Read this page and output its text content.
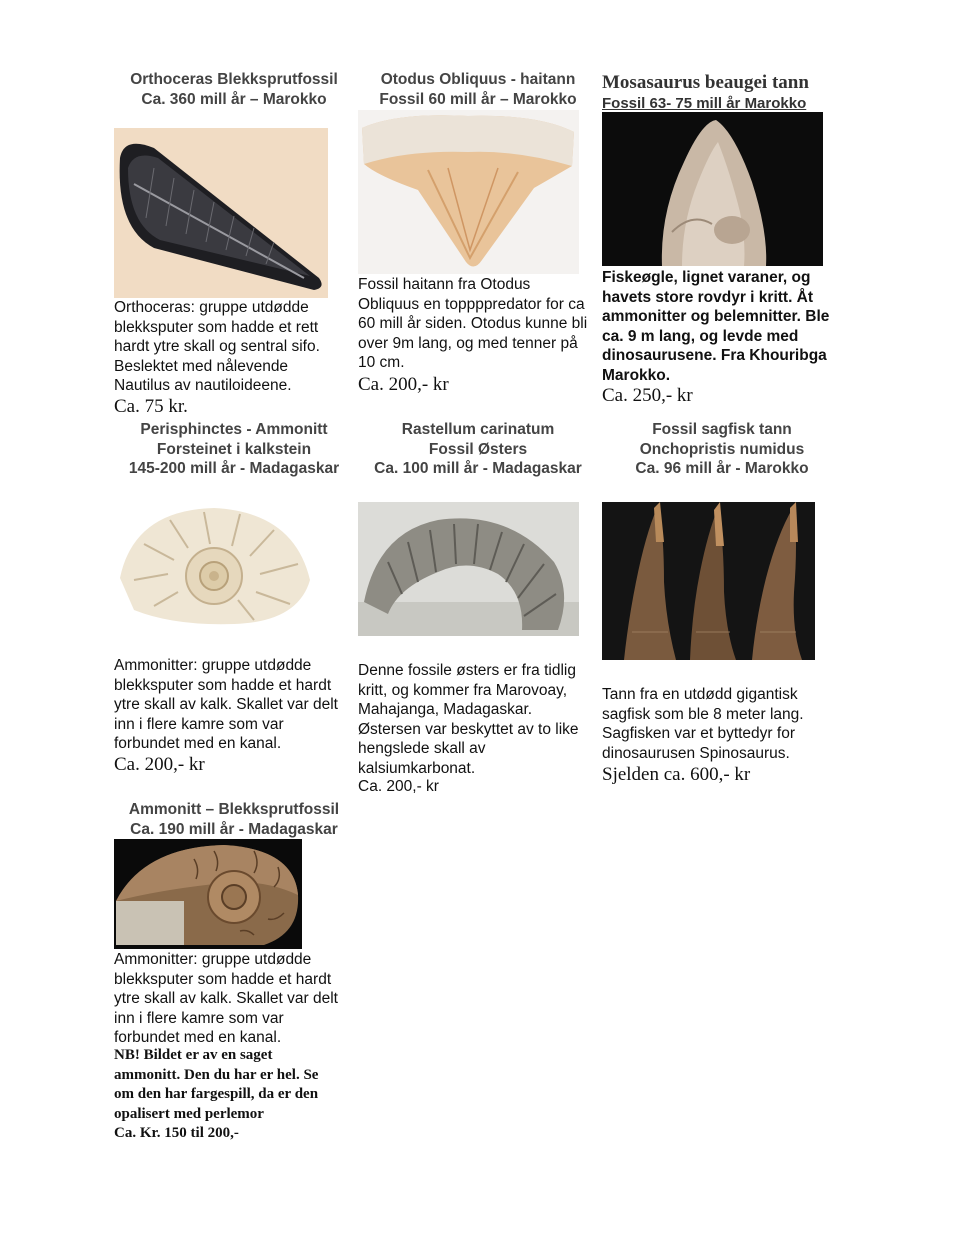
Orthoceras Blekksprutfossil
Ca. 360 mill år – Marokko

Orthoceras: gruppe utdødde

blekksputer som hadde et rett

hardt ytre skall og sentral sifo.

Beslektet med nålevende

Nautilus av nautiloideene.

Ca. 75 kr.
Otodus Obliquus - haitann
Fossil 60 mill år – Marokko

Fossil haitann fra Otodus

Obliquus en toppppredator for ca

60 mill år siden. Otodus kunne bli

over 9m lang, og med tenner på

10 cm.

Ca. 200,- kr
Mosasaurus beaugei tann
Fossil 63- 75 mill år Marokko

Fiskeøgle, lignet varaner, og

havets store rovdyr i kritt. Åt

ammonitter og belemnitter. Ble

ca. 9 m lang, og levde med

dinosaurusene. Fra Khouribga

Marokko.

Ca. 250,- kr
Perisphinctes - Ammonitt
Forsteinet i kalkstein
145-200 mill år - Madagaskar

Ammonitter: gruppe utdødde

blekksputer som hadde et hardt

ytre skall av kalk. Skallet var delt

inn i flere kamre som var

forbundet med en kanal.

Ca. 200,- kr
Rastellum carinatum
Fossil Østers
Ca. 100 mill år - Madagaskar

Denne fossile østers er fra tidlig

kritt, og kommer fra Marovoay,

Mahajanga, Madagaskar.

Østersen var beskyttet av to like

hengslede skall av

kalsiumkarbonat.

Ca. 200,- kr
Fossil sagfisk tann
Onchopristis numidus
Ca. 96 mill år - Marokko

Tann fra en utdødd gigantisk

sagfisk som ble 8 meter lang.

Sagfisken var et byttedyr for

dinosaurusen Spinosaurus.

Sjelden ca. 600,- kr
Ammonitt – Blekksprutfossil
Ca. 190 mill år - Madagaskar

Ammonitter: gruppe utdødde

blekksputer som hadde et hardt

ytre skall av kalk. Skallet var delt

inn i flere kamre som var

forbundet med en kanal.

NB! Bildet er av en saget
ammonitt. Den du har er hel. Se
om den har fargespill, da er den
opalisert med perlemor
Ca. Kr. 150 til 200,-
